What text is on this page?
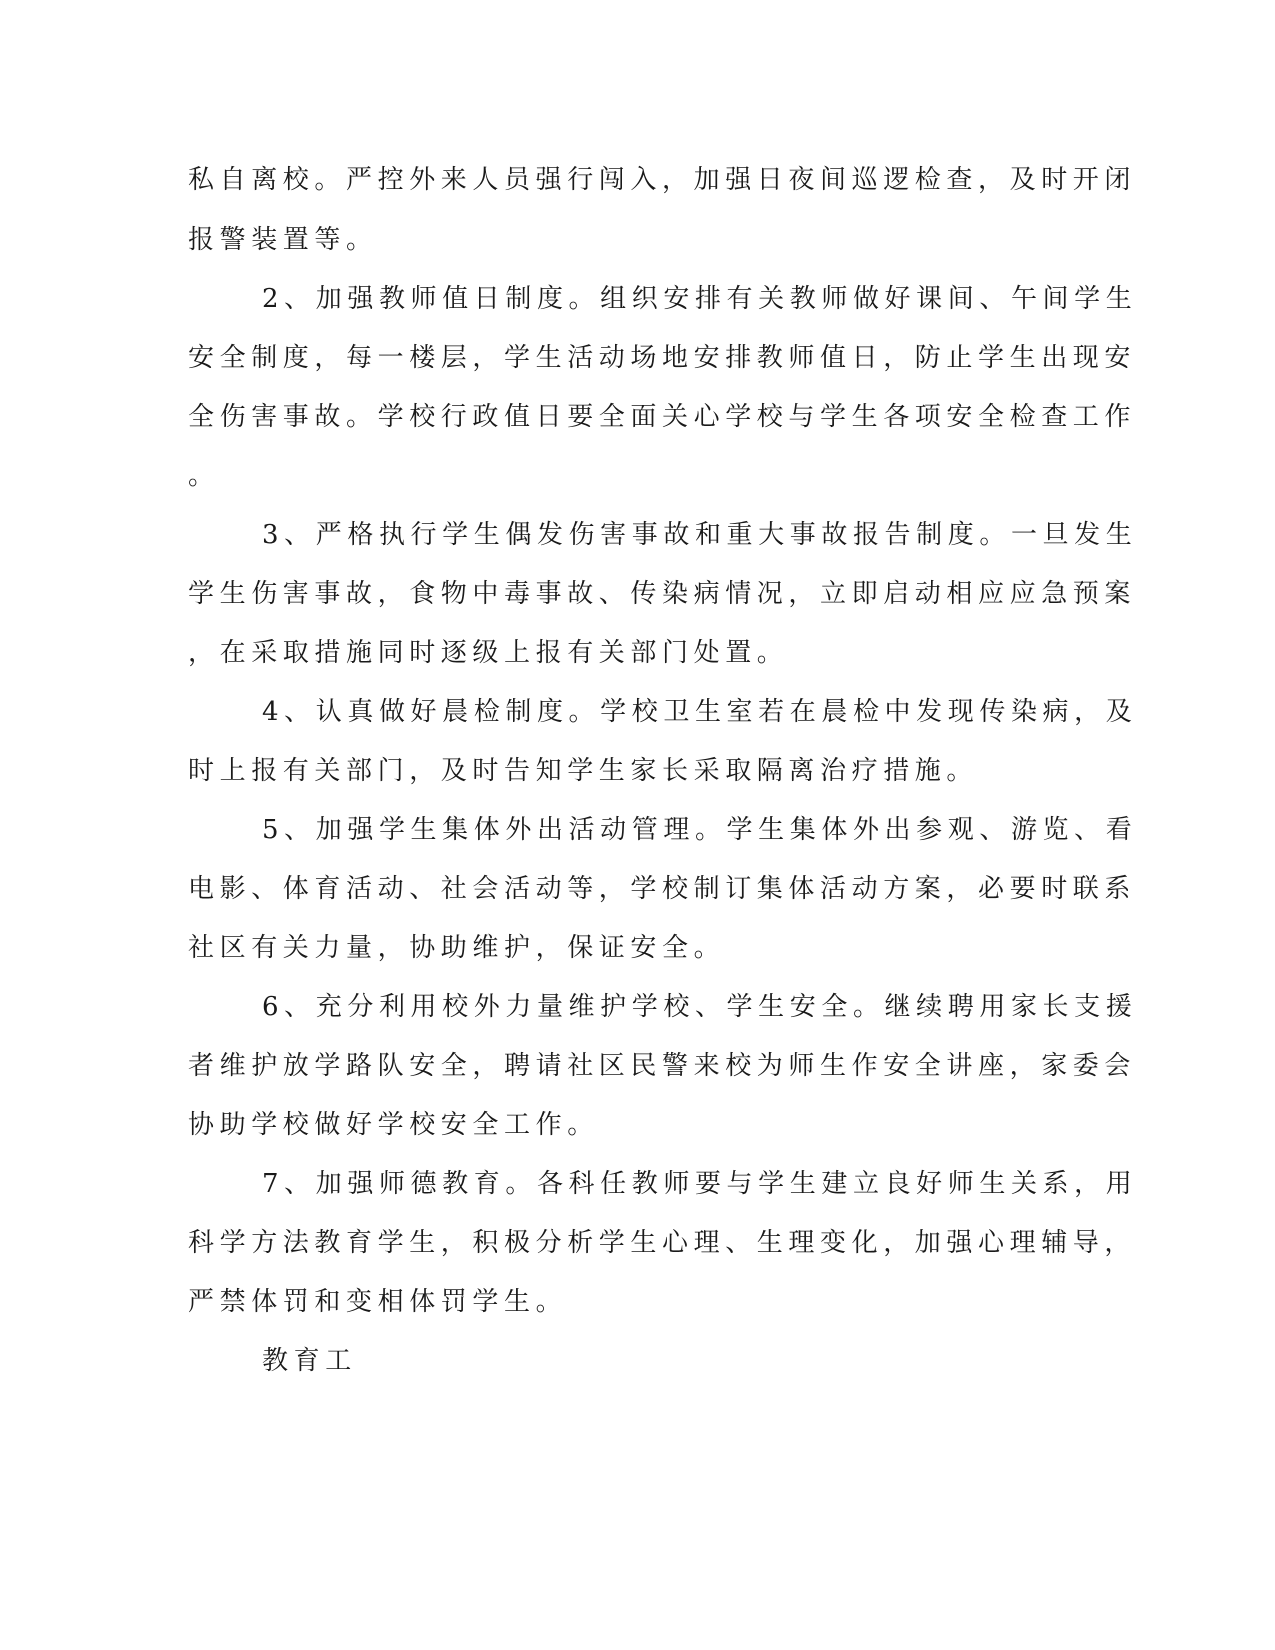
私自离校。严控外来人员强行闯入，加强日夜间巡逻检查，及时开闭
报警装置等。
2、加强教师值日制度。组织安排有关教师做好课间、午间学生
安全制度，每一楼层，学生活动场地安排教师值日，防止学生出现安
全伤害事故。学校行政值日要全面关心学校与学生各项安全检查工作
。
3、严格执行学生偶发伤害事故和重大事故报告制度。一旦发生
学生伤害事故，食物中毒事故、传染病情况，立即启动相应应急预案
，在采取措施同时逐级上报有关部门处置。
4、认真做好晨检制度。学校卫生室若在晨检中发现传染病，及
时上报有关部门，及时告知学生家长采取隔离治疗措施。
5、加强学生集体外出活动管理。学生集体外出参观、游览、看
电影、体育活动、社会活动等，学校制订集体活动方案，必要时联系
社区有关力量，协助维护，保证安全。
6、充分利用校外力量维护学校、学生安全。继续聘用家长支援
者维护放学路队安全，聘请社区民警来校为师生作安全讲座，家委会
协助学校做好学校安全工作。
7、加强师德教育。各科任教师要与学生建立良好师生关系，用
科学方法教育学生，积极分析学生心理、生理变化，加强心理辅导，
严禁体罚和变相体罚学生。
教育工
